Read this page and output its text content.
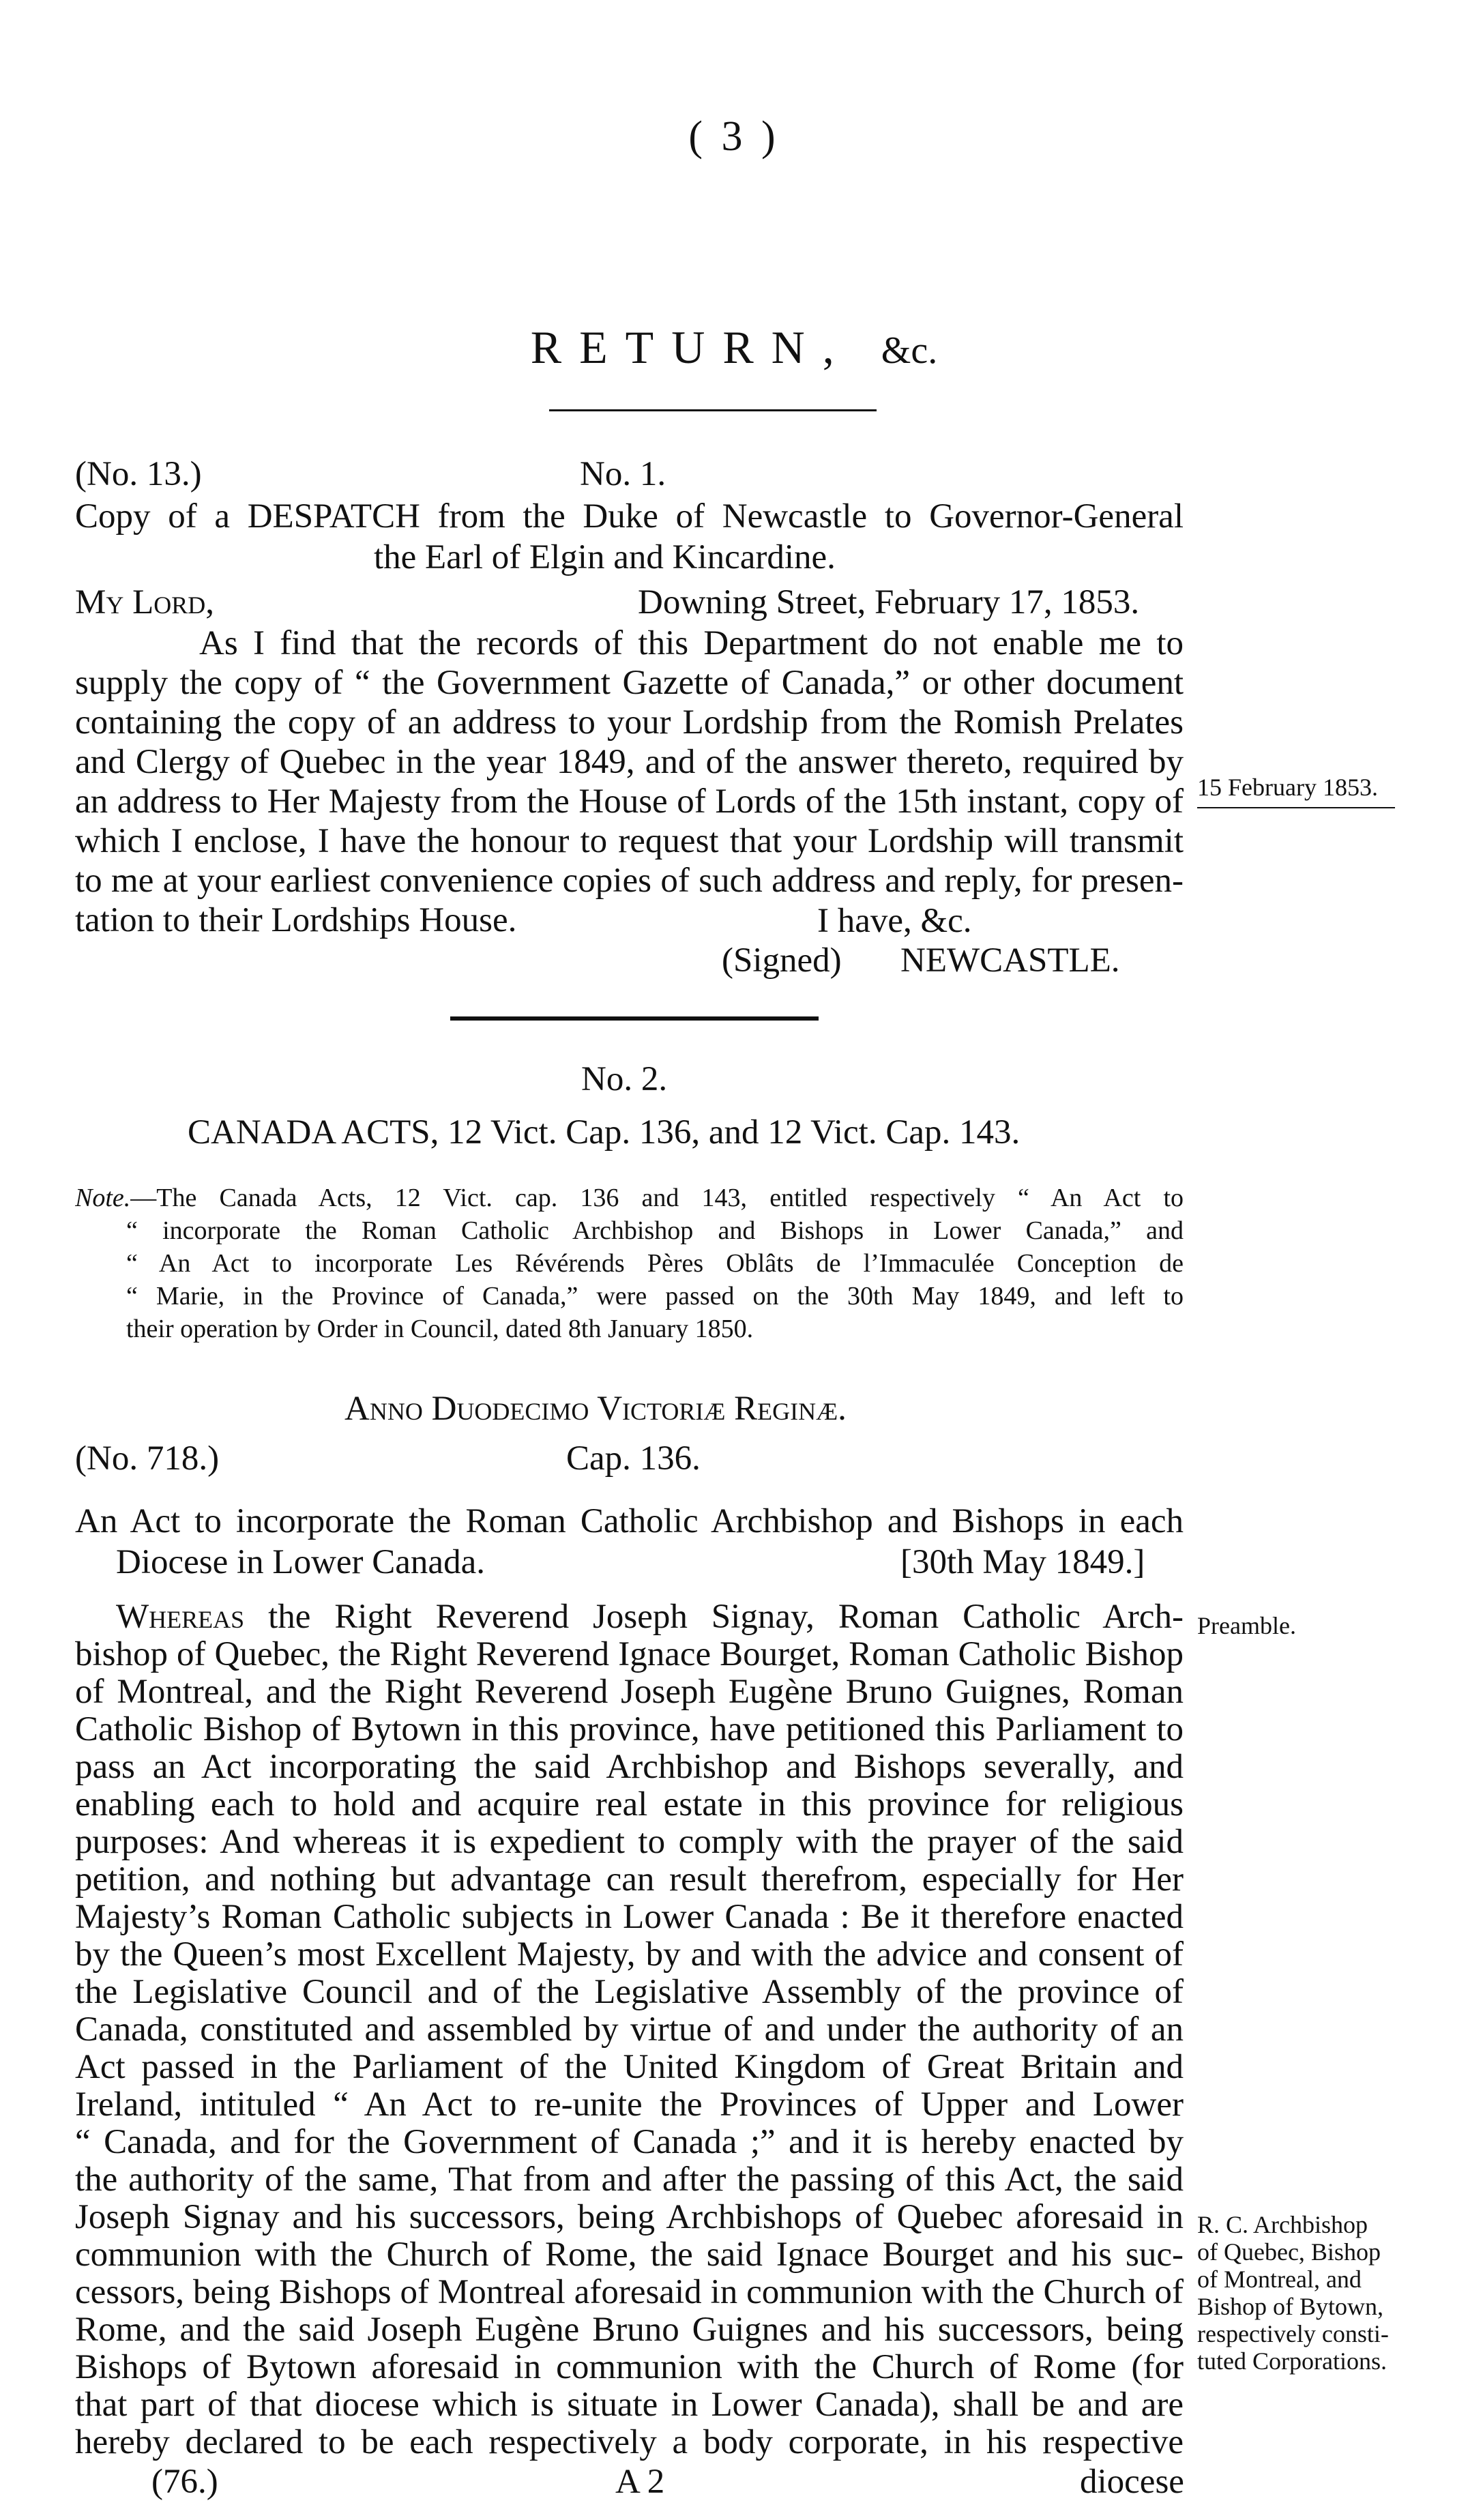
( 3 )
RETURN, &c.
(No. 13.)	No. 1.
Copy of a DESPATCH from the Duke of Newcastle to Governor-General
the Earl of Elgin and Kincardine.
My Lord,	Downing Street, February 17, 1853.
As I find that the records of this Department do not enable me to
supply the copy of “ the Government Gazette of Canada,” or other document
containing the copy of an address to your Lordship from the Romish Prelates
and Clergy of Quebec in the year 1849, and of the answer thereto, required by
an address to Her Majesty from the House of Lords of the 15th instant, copy of
which I enclose, I have the honour to request that your Lordship will transmit
to me at your earliest convenience copies of such address and reply, for presen-
tation to their Lordships House.
15 February 1853.
I have, &c.
(Signed) NEWCASTLE.
No. 2.
CANADA ACTS, 12 Vict. Cap. 136, and 12 Vict. Cap. 143.
Note.—The Canada Acts, 12 Vict. cap. 136 and 143, entitled respectively “ An Act to
“ incorporate the Roman Catholic Archbishop and Bishops in Lower Canada,” and
“ An Act to incorporate Les Révérends Pères Oblâts de l’Immaculée Conception de
“ Marie, in the Province of Canada,” were passed on the 30th May 1849, and left to
their operation by Order in Council, dated 8th January 1850.
Anno Duodecimo Victoriæ Reginæ.
(No. 718.)	Cap. 136.
An Act to incorporate the Roman Catholic Archbishop and Bishops in each
Diocese in Lower Canada.	[30th May 1849.]
Whereas the Right Reverend Joseph Signay, Roman Catholic Arch-
bishop of Quebec, the Right Reverend Ignace Bourget, Roman Catholic Bishop
of Montreal, and the Right Reverend Joseph Eugène Bruno Guignes, Roman
Catholic Bishop of Bytown in this province, have petitioned this Parliament to
pass an Act incorporating the said Archbishop and Bishops severally, and
enabling each to hold and acquire real estate in this province for religious
purposes: And whereas it is expedient to comply with the prayer of the said
petition, and nothing but advantage can result therefrom, especially for Her
Majesty’s Roman Catholic subjects in Lower Canada : Be it therefore enacted
by the Queen’s most Excellent Majesty, by and with the advice and consent of
the Legislative Council and of the Legislative Assembly of the province of
Canada, constituted and assembled by virtue of and under the authority of an
Act passed in the Parliament of the United Kingdom of Great Britain and
Ireland, intituled “ An Act to re-unite the Provinces of Upper and Lower
“ Canada, and for the Government of Canada ;” and it is hereby enacted by
the authority of the same, That from and after the passing of this Act, the said
Joseph Signay and his successors, being Archbishops of Quebec aforesaid in
communion with the Church of Rome, the said Ignace Bourget and his suc-
cessors, being Bishops of Montreal aforesaid in communion with the Church of
Rome, and the said Joseph Eugène Bruno Guignes and his successors, being
Bishops of Bytown aforesaid in communion with the Church of Rome (for
that part of that diocese which is situate in Lower Canada), shall be and are
hereby declared to be each respectively a body corporate, in his respective
Preamble.
R. C. Archbishop
of Quebec, Bishop
of Montreal, and
Bishop of Bytown,
respectively consti-
tuted Corporations.
(76.)	A 2	diocese
